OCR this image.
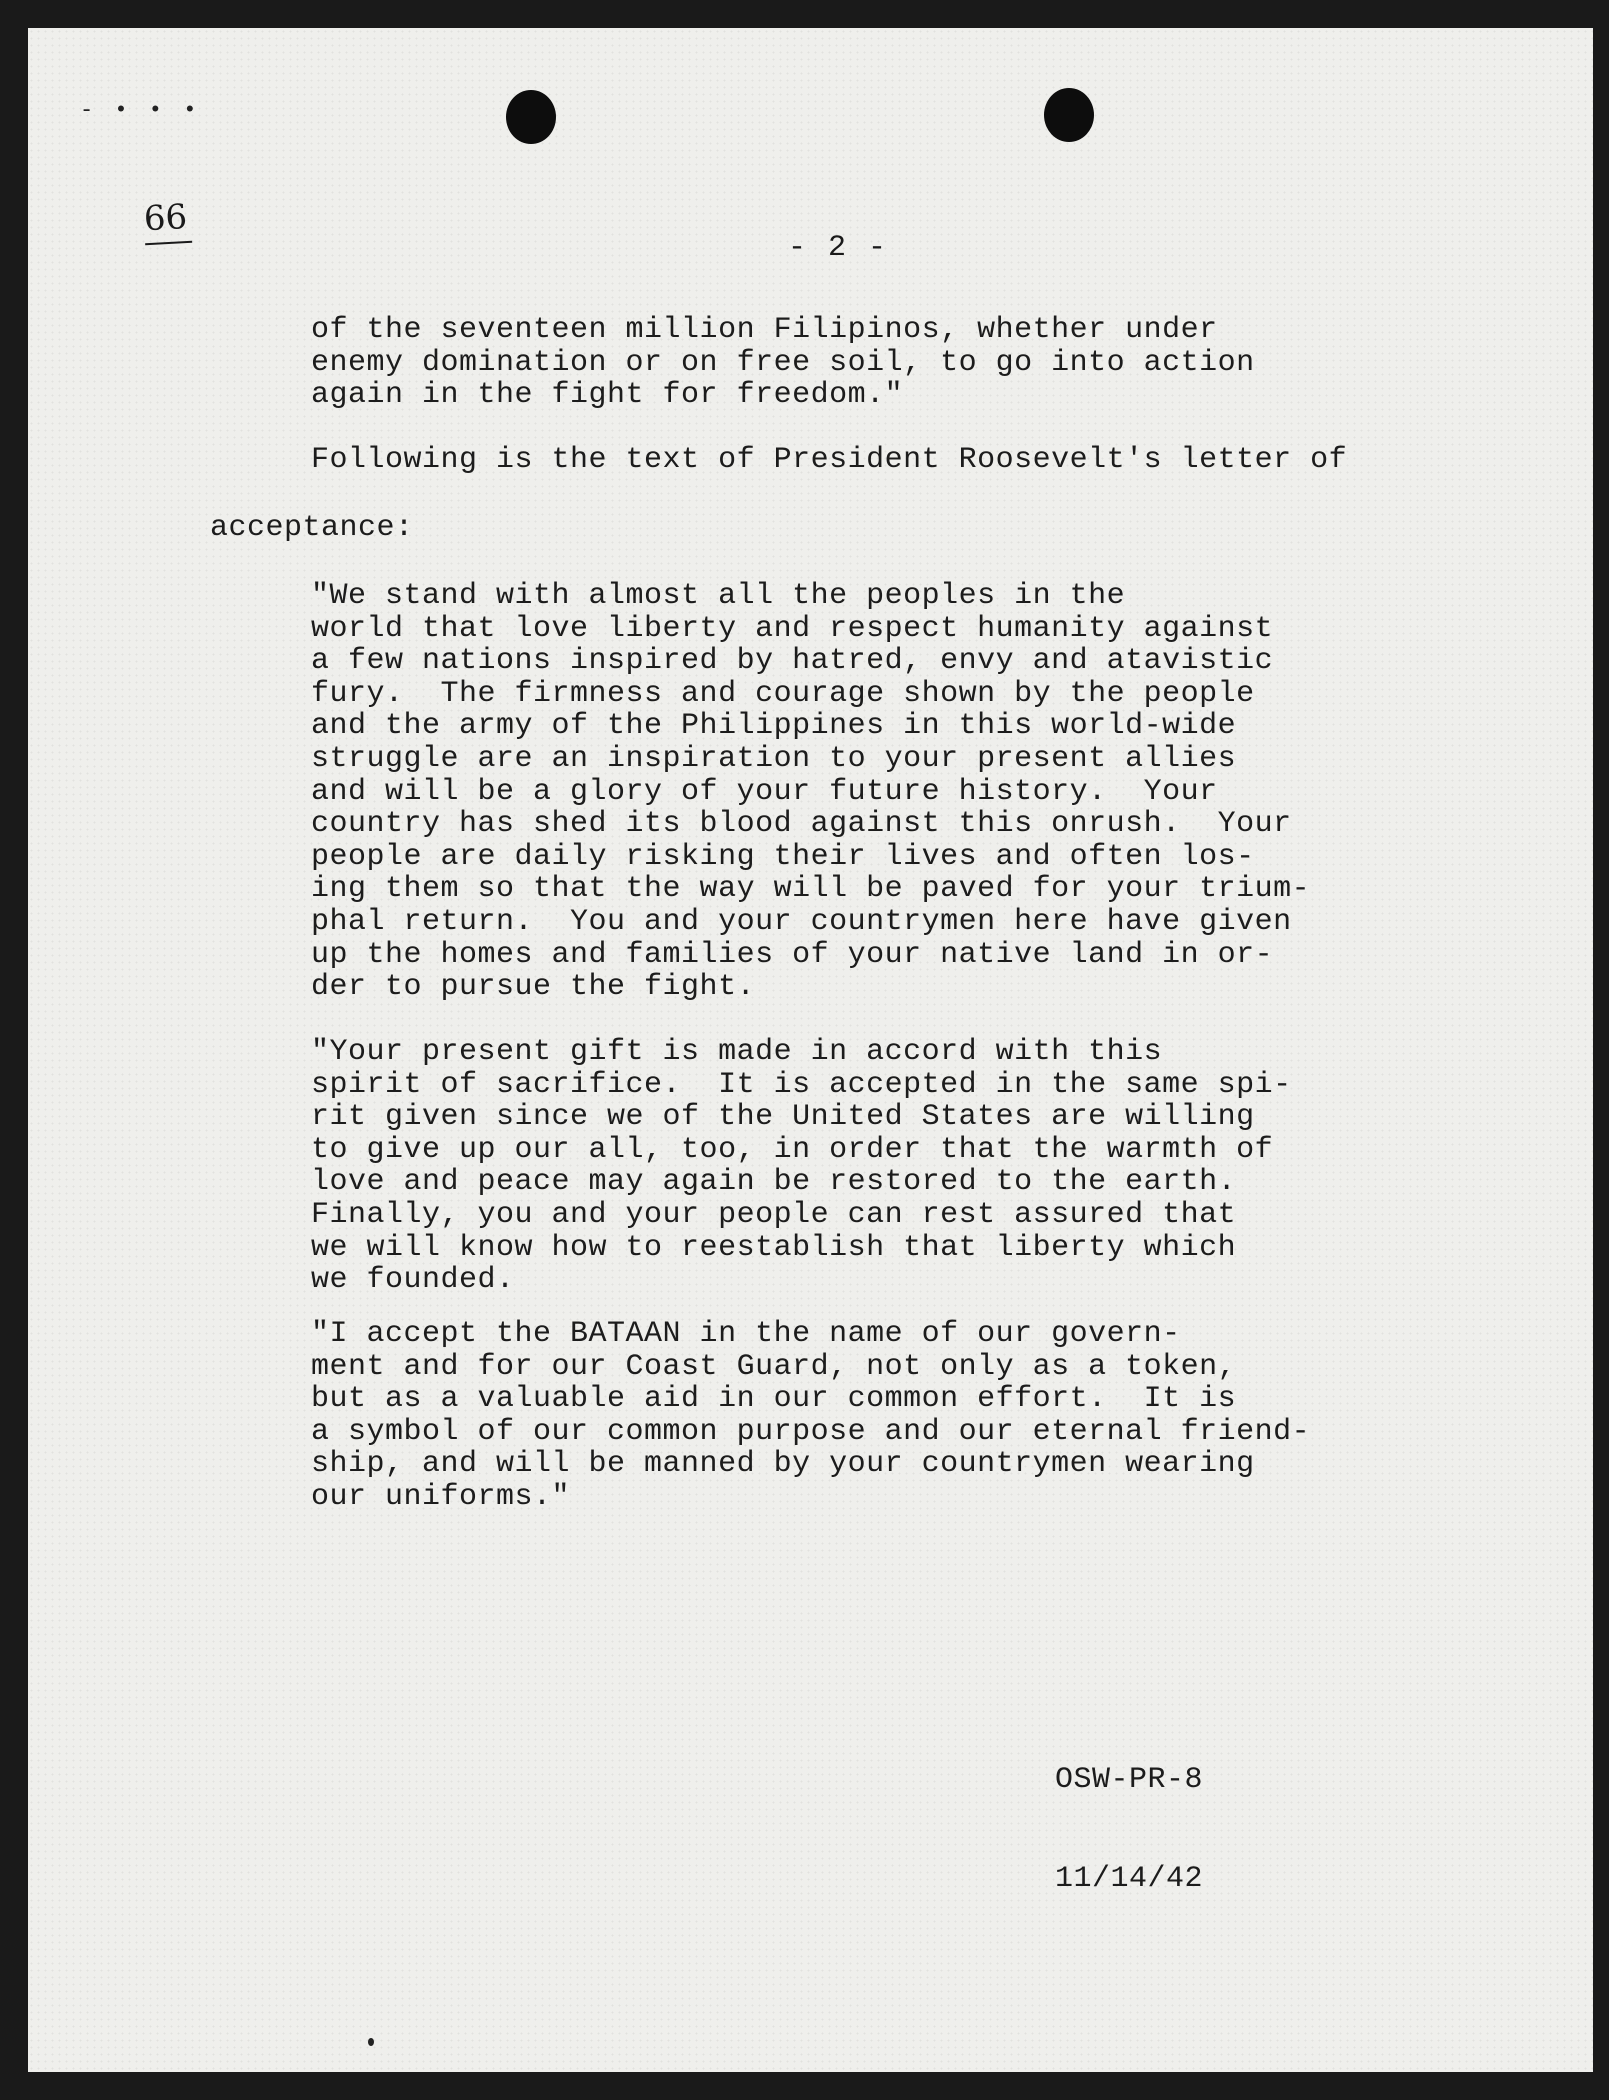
- • • •
66
- 2 -
of the seventeen million Filipinos, whether under
enemy domination or on free soil, to go into action
again in the fight for freedom."
Following is the text of President Roosevelt's letter of
acceptance:
"We stand with almost all the peoples in the
world that love liberty and respect humanity against
a few nations inspired by hatred, envy and atavistic
fury.  The firmness and courage shown by the people
and the army of the Philippines in this world-wide
struggle are an inspiration to your present allies
and will be a glory of your future history.  Your
country has shed its blood against this onrush.  Your
people are daily risking their lives and often los-
ing them so that the way will be paved for your trium-
phal return.  You and your countrymen here have given
up the homes and families of your native land in or-
der to pursue the fight.
"Your present gift is made in accord with this
spirit of sacrifice.  It is accepted in the same spi-
rit given since we of the United States are willing
to give up our all, too, in order that the warmth of
love and peace may again be restored to the earth.
Finally, you and your people can rest assured that
we will know how to reestablish that liberty which
we founded.
"I accept the BATAAN in the name of our govern-
ment and for our Coast Guard, not only as a token,
but as a valuable aid in our common effort.  It is
a symbol of our common purpose and our eternal friend-
ship, and will be manned by your countrymen wearing
our uniforms."

OSW-PR-8

11/14/42
